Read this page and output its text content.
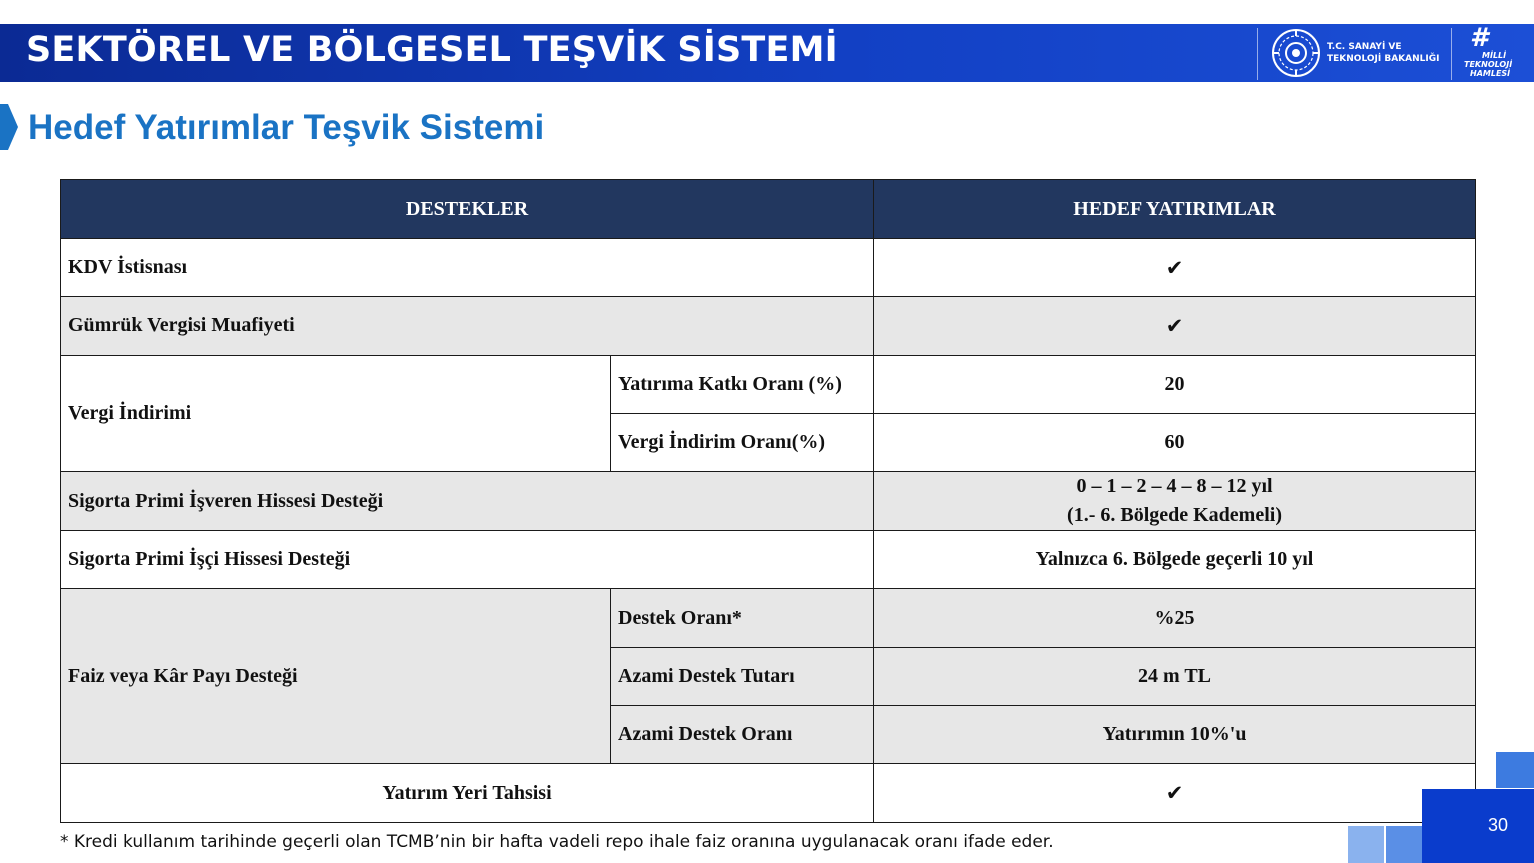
SEKTÖREL VE BÖLGESEL TEŞVİK SİSTEMİ	T.C. SANAYİ VE
TEKNOLOJİ BAKANLIĞI
#
MİLLİ
TEKNOLOJİ
HAMLESİ
Hedef Yatırımlar Teşvik Sistemi
DESTEKLER		HEDEF YATIRIMLAR
KDV İstisnası		✔
Gümrük Vergisi Muafiyeti		✔
Vergi İndirimi	Yatırıma Katkı Oranı (%)	20
	Vergi İndirim Oranı(%)	60
Sigorta Primi İşveren Hissesi Desteği		0 – 1 – 2 – 4 – 8 – 12 yıl
(1.- 6. Bölgede Kademeli)

Sigorta Primi İşçi Hissesi Desteği		Yalnızca 6. Bölgede geçerli 10 yıl
Faiz veya Kâr Payı Desteği	Destek Oranı*	%25
	Azami Destek Tutarı	24 m TL
	Azami Destek Oranı	Yatırımın 10%'u
Yatırım Yeri Tahsisi		✔
* Kredi kullanım tarihinde geçerli olan TCMB’nin bir hafta vadeli repo ihale faiz oranına uygulanacak oranı ifade eder.
30
